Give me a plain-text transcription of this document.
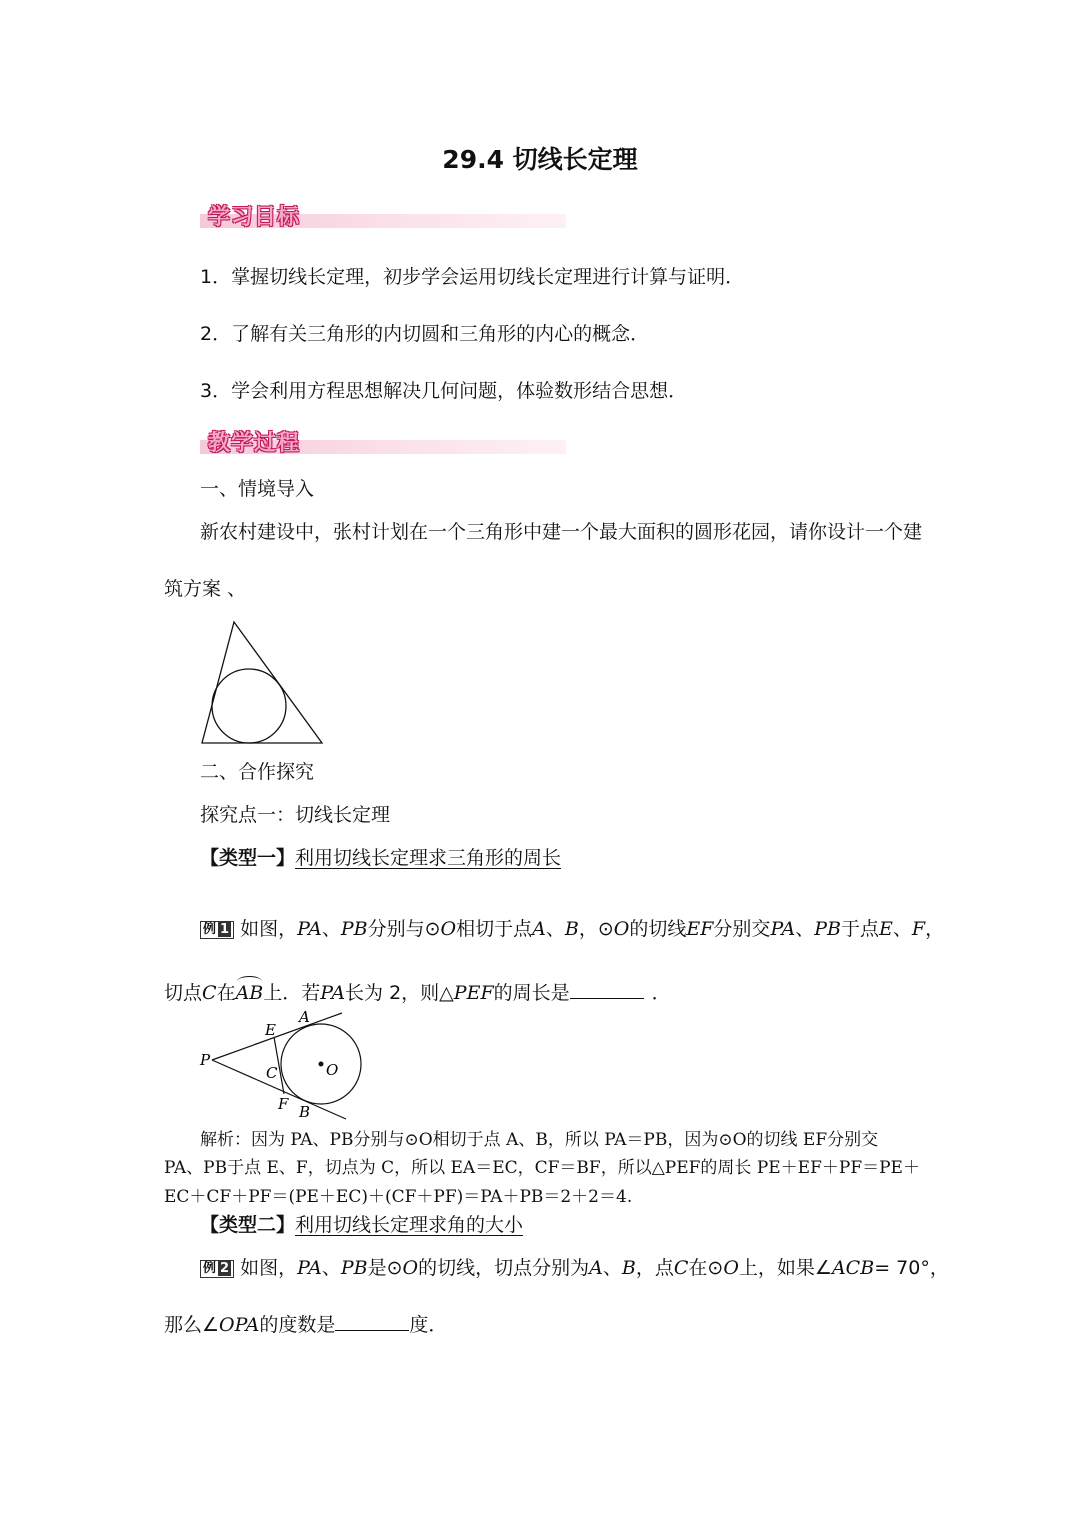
29.4 切线长定理
学习目标
1．掌握切线长定理，初步学会运用切线长定理进行计算与证明．
2．了解有关三角形的内切圆和三角形的内心的概念．
3．学会利用方程思想解决几何问题，体验数形结合思想．
教学过程
一、情境导入
新农村建设中，张村计划在一个三角形中建一个最大面积的圆形花园，请你设计一个建
筑方案 、
二、合作探究
探究点一：切线长定理
【类型一】利用切线长定理求三角形的周长
例 1 如图，PA、PB分别与⊙O相切于点A、B，⊙O的切线EF分别交PA、PB于点E、F，
切点C在AB上．若PA长为 2，则△PEF的周长是	．
P
A
B
E
F
C	O
解析：因为 PA、PB分别与⊙O相切于点 A、B，所以 PA＝PB，因为⊙O的切线 EF分别交
PA、PB于点 E、F，切点为 C，所以 EA＝EC，CF＝BF，所以△PEF的周长 PE＋EF＋PF＝PE＋
EC＋CF＋PF＝(PE＋EC)＋(CF＋PF)＝PA＋PB＝2＋2＝4.
【类型二】利用切线长定理求角的大小
例 2 如图，PA、PB是⊙O的切线，切点分别为A、B，点C在⊙O上，如果∠ACB= 70°，
那么∠OPA的度数是	度．
